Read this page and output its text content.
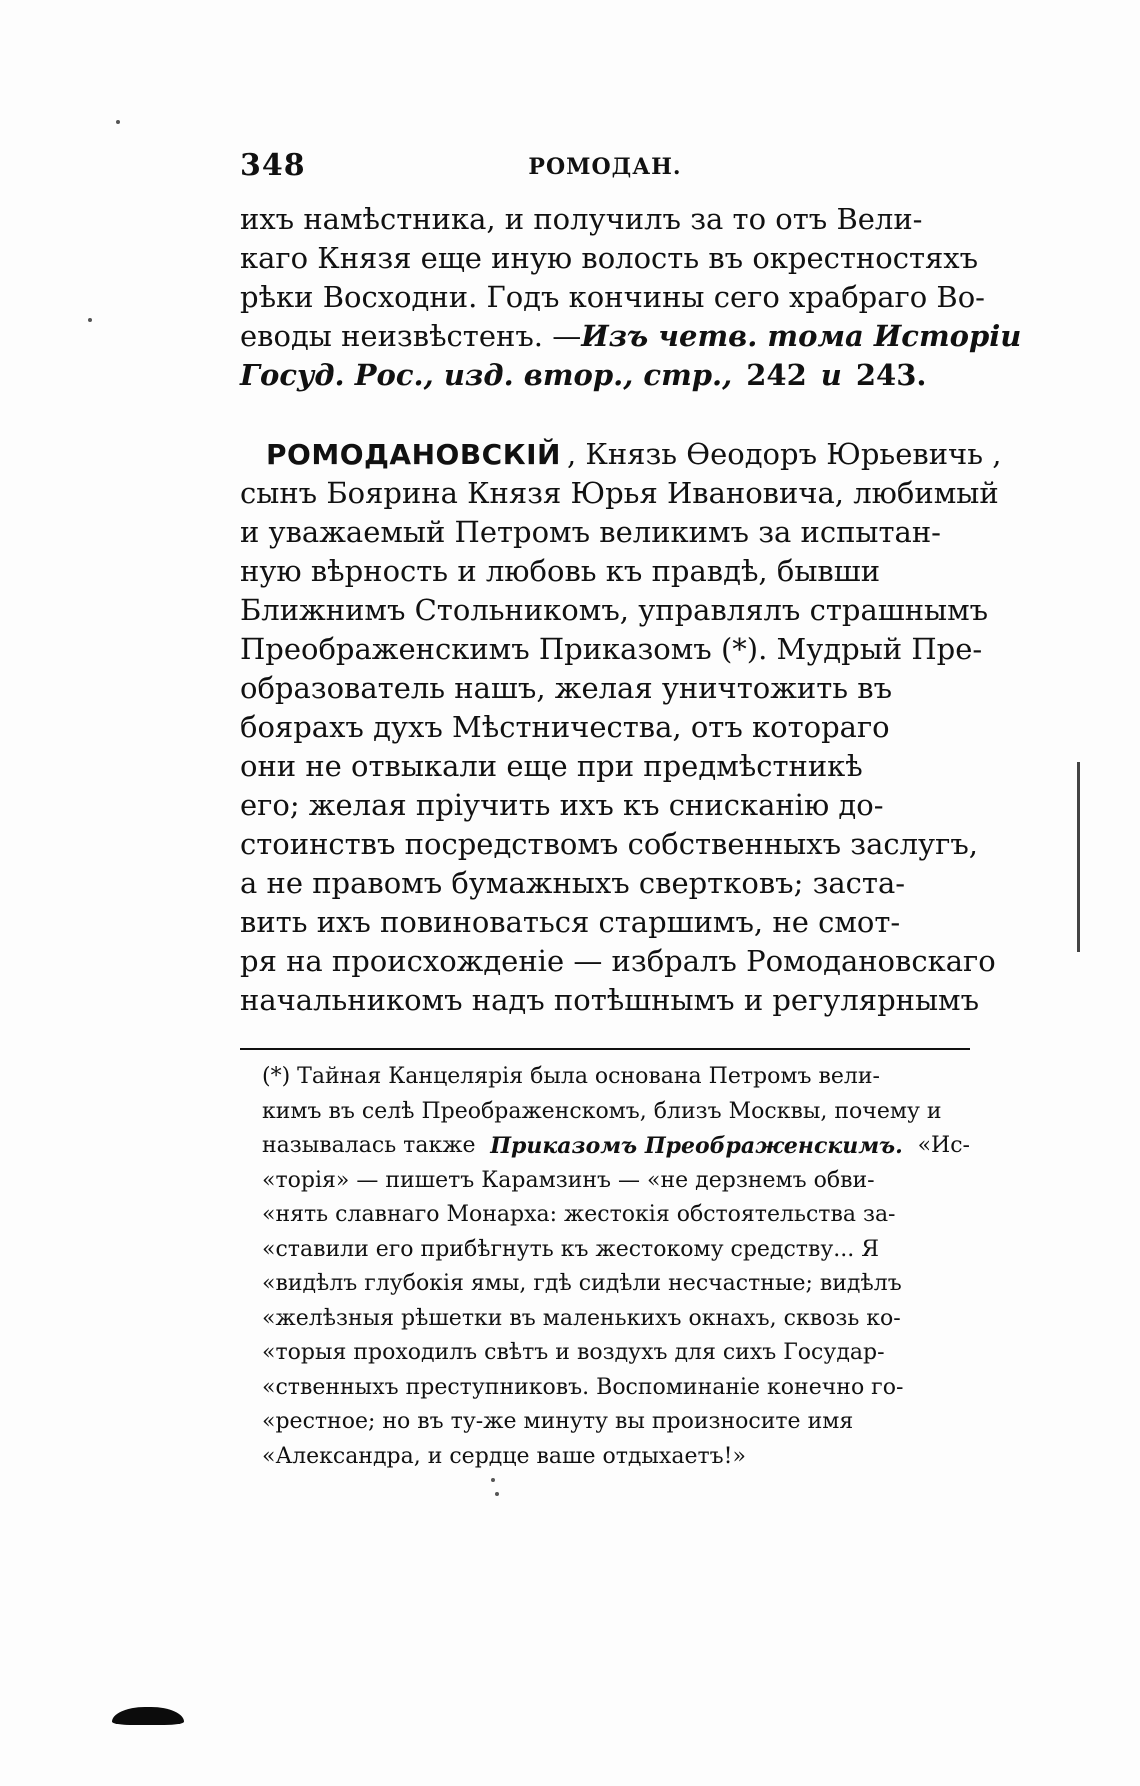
348	РОМОДАН.
ихъ намѣстника, и получилъ за то отъ Вели-
каго Князя еще иную волость въ окрестностяхъ
рѣки Восходни. Годъ кончины сего храбраго Во-
еводы неизвѣстенъ. — Изъ четв. тома Исторіи
Госуд. Рос., изд. втор., стр., 242 и 243.
РОМОДАНОВСКІЙ , Князь Ѳеодоръ Юрьевичь ,
сынъ Боярина Князя Юрья Ивановича, любимый
и уважаемый Петромъ великимъ за испытан-
ную вѣрность и любовь къ правдѣ, бывши
Ближнимъ Стольникомъ, управлялъ страшнымъ
Преображенскимъ Приказомъ (*). Мудрый Пре-
образователь нашъ, желая уничтожить въ
боярахъ духъ Мѣстничества, отъ котораго
они не отвыкали еще при предмѣстникѣ
его; желая пріучить ихъ къ снисканію до-
стоинствъ посредствомъ собственныхъ заслугъ,
а не правомъ бумажныхъ свертковъ; заста-
вить ихъ повиноваться старшимъ, не смот-
ря на происхожденіе — избралъ Ромодановскаго
начальникомъ надъ потѣшнымъ и регулярнымъ
(*) Тайная Канцелярія была основана Петромъ вели-
кимъ въ селѣ Преображенскомъ, близъ Москвы, почему и
называлась также Приказомъ Преображенскимъ. «Ис-
«торія» — пишетъ Карамзинъ — «не дерзнемъ обви-
«нять славнаго Монарха: жестокія обстоятельства за-
«ставили его прибѣгнуть къ жестокому средству... Я
«видѣлъ глубокія ямы, гдѣ сидѣли несчастные; видѣлъ
«желѣзныя рѣшетки въ маленькихъ окнахъ, сквозь ко-
«торыя проходилъ свѣтъ и воздухъ для сихъ Государ-
«ственныхъ преступниковъ. Воспоминаніе конечно го-
«рестное; но въ ту-же минуту вы произносите имя
«Александра, и сердце ваше отдыхаетъ!»
